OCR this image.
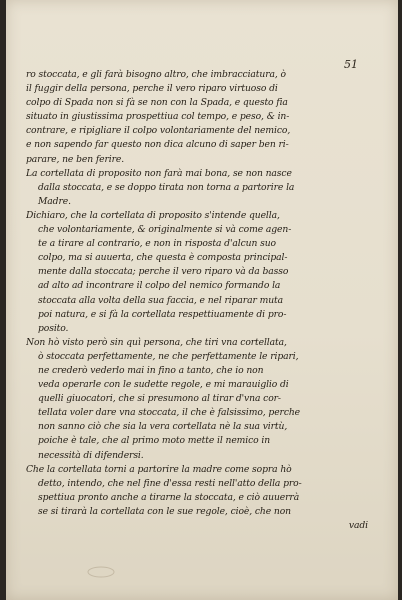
51
ro stoccata, e gli farà bisogno altro, che imbracciatura, ò
il fuggir della persona, perche il vero riparo virtuoso di
colpo di Spada non si fà se non con la Spada, e questo fia
situato in giustissima prospettiua col tempo, e peso, & in-
contrare, e ripigliare il colpo volontariamente del nemico,
e non sapendo far questo non dica alcuno di saper ben ri-
parare, ne ben ferire.
La cortellata di proposito non farà mai bona, se non nasce
dalla stoccata, e se doppo tirata non torna a partorire la
Madre.
Dichiaro, che la cortellata di proposito s'intende quella,
che volontariamente, & originalmente si và come agen-
te a tirare al contrario, e non in risposta d'alcun suo
colpo, ma si auuerta, che questa è composta principal-
mente dalla stoccata; perche il vero riparo và da basso
ad alto ad incontrare il colpo del nemico formando la
stoccata alla volta della sua faccia, e nel riparar muta
poi natura, e si fà la cortellata respettiuamente di pro-
posito.
Non hò visto però sin quì persona, che tiri vna cortellata,
ò stoccata perfettamente, ne che perfettamente le ripari,
ne crederò vederlo mai in fino a tanto, che io non
veda operarle con le sudette regole, e mi marauiglio di
quelli giuocatori, che si presumono al tirar d'vna cor-
tellata voler dare vna stoccata, il che è falsissimo, perche
non sanno ciò che sia la vera cortellata nè la sua virtù,
poiche è tale, che al primo moto mette il nemico in
necessità di difendersi.
Che la cortellata torni a partorire la madre come sopra hò
detto, intendo, che nel fine d'essa resti nell'atto della pro-
spettiua pronto anche a tirarne la stoccata, e ciò auuerrà
se si tirarà la cortellata con le sue regole, cioè, che non
vadi
